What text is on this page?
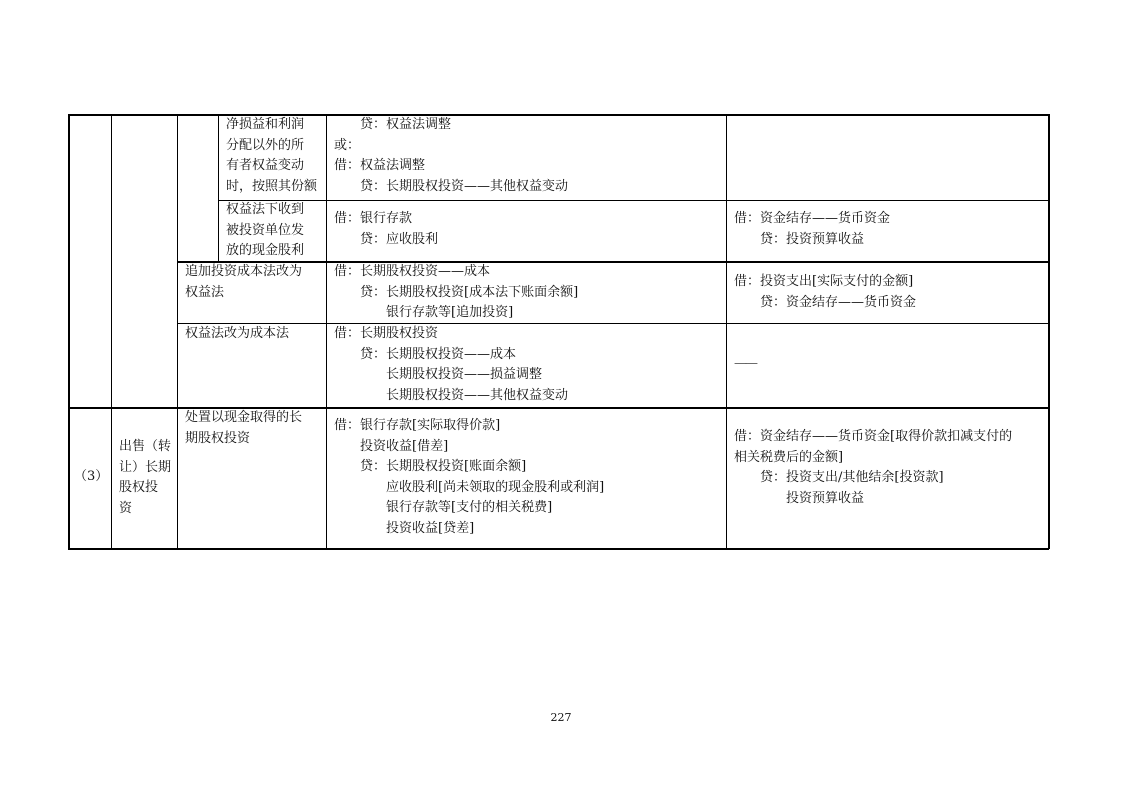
净损益和利润
分配以外的所
有者权益变动
时，按照其份额
　　贷：权益法调整
或：
借：权益法调整
　　贷：长期股权投资——其他权益变动
权益法下收到
被投资单位发
放的现金股利
借：银行存款
　　贷：应收股利
借：资金结存——货币资金
　　贷：投资预算收益
追加投资成本法改为
权益法
借：长期股权投资——成本
　　贷：长期股权投资[成本法下账面余额]
　　　　银行存款等[追加投资]
借：投资支出[实际支付的金额]
　　贷：资金结存——货币资金
权益法改为成本法	借：长期股权投资
　　贷：长期股权投资——成本
　　　　长期股权投资——损益调整
　　　　长期股权投资——其他权益变动
——
（3）
出售（转
让）长期
股权投
资
处置以现金取得的长
期股权投资
借：银行存款[实际取得价款]
　　投资收益[借差]
　　贷：长期股权投资[账面余额]
　　　　应收股利[尚未领取的现金股利或利润]
　　　　银行存款等[支付的相关税费]
　　　　投资收益[贷差]
借：资金结存——货币资金[取得价款扣减支付的
相关税费后的金额]
　　贷：投资支出/其他结余[投资款]
　　　　投资预算收益
227
